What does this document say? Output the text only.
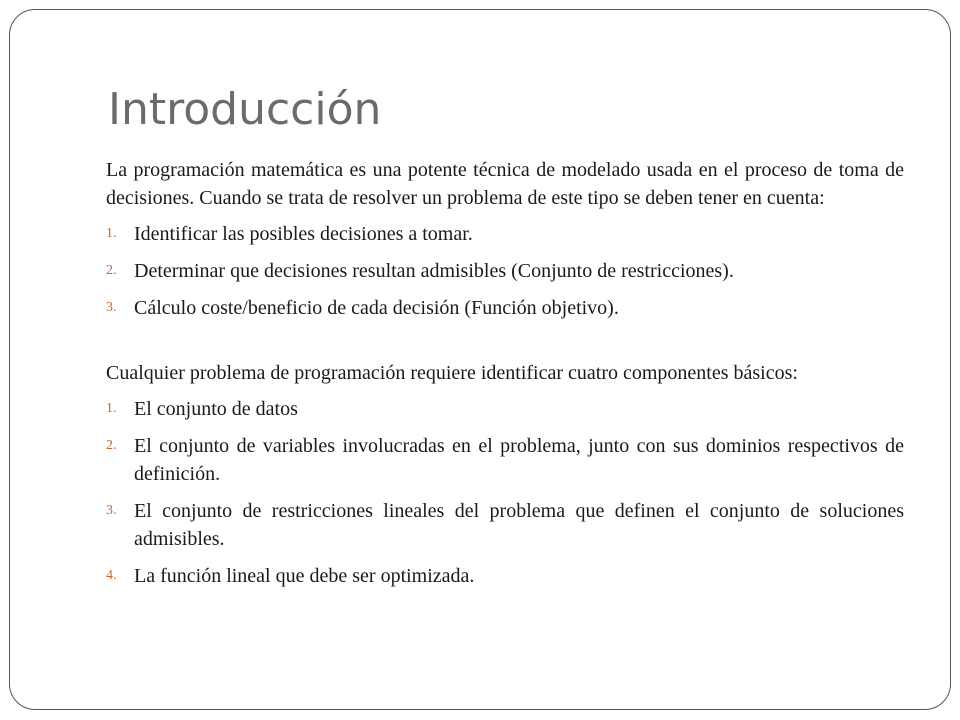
Introducción

La programación matemática es una potente técnica de modelado usada en el proceso de toma de decisiones. Cuando se trata de resolver un problema de este tipo se deben tener en cuenta:

1. Identificar las posibles decisiones a tomar.
2. Determinar que decisiones resultan admisibles (Conjunto de restricciones).
3. Cálculo coste/beneficio de cada decisión (Función objetivo).

Cualquier problema de programación requiere identificar cuatro componentes básicos:

1. El conjunto de datos
2. El conjunto de variables involucradas en el problema, junto con sus dominios respectivos de definición.
3. El conjunto de restricciones lineales del problema que definen el conjunto de soluciones admisibles.
4. La función lineal que debe ser optimizada.
